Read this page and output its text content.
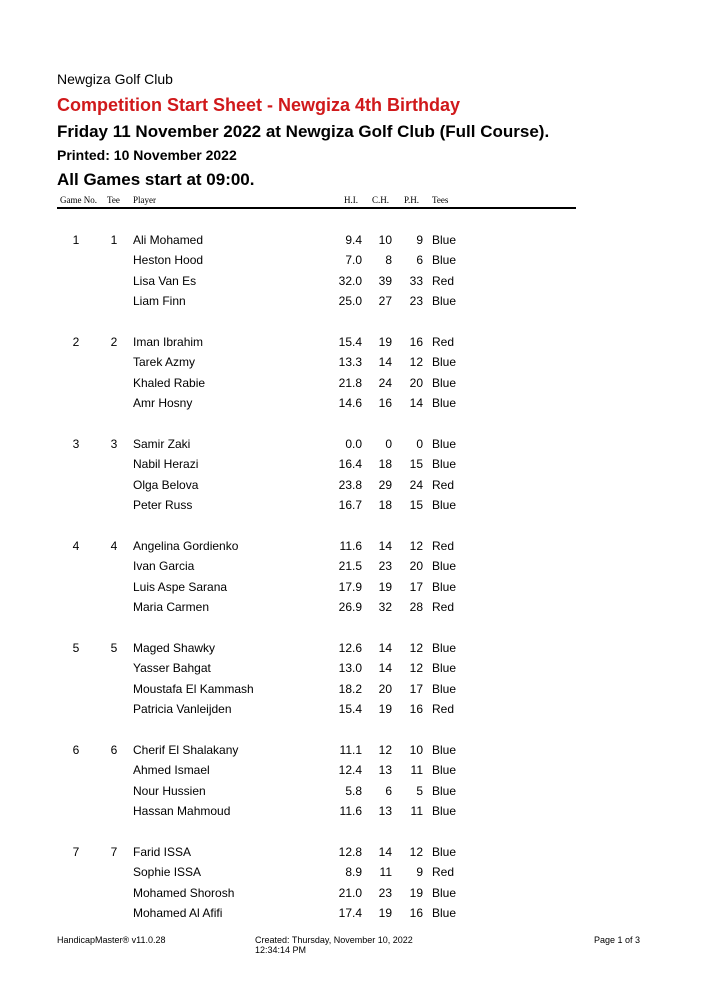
Newgiza Golf Club
Competition Start Sheet - Newgiza 4th Birthday
Friday 11 November 2022 at Newgiza Golf Club (Full Course).
Printed: 10 November 2022
All Games start at 09:00.
Game No. Tee Player	H.I. C.H. P.H. Tees
1	1	Ali Mohamed	9.4	10	9 Blue
Heston Hood	7.0	8	6 Blue
Lisa Van Es	32.0	39	33 Red
Liam Finn	25.0	27	23 Blue
2	2	Iman Ibrahim	15.4	19	16 Red
Tarek Azmy	13.3	14	12 Blue
Khaled Rabie	21.8	24	20 Blue
Amr Hosny	14.6	16	14 Blue
3	3	Samir Zaki	0.0	0	0 Blue
Nabil Herazi	16.4	18	15 Blue
Olga Belova	23.8	29	24 Red
Peter Russ	16.7	18	15 Blue
4	4	Angelina Gordienko	11.6	14	12 Red
Ivan Garcia	21.5	23	20 Blue
Luis Aspe Sarana	17.9	19	17 Blue
Maria Carmen	26.9	32	28 Red
5	5	Maged Shawky	12.6	14	12 Blue
Yasser Bahgat	13.0	14	12 Blue
Moustafa El Kammash	18.2	20	17 Blue
Patricia Vanleijden	15.4	19	16 Red
6	6	Cherif El Shalakany	11.1	12	10 Blue
Ahmed Ismael	12.4	13	11 Blue
Nour Hussien	5.8	6	5 Blue
Hassan Mahmoud	11.6	13	11 Blue
7	7	Farid ISSA	12.8	14	12 Blue
Sophie ISSA	8.9	11	9 Red
Mohamed Shorosh	21.0	23	19 Blue
Mohamed Al Afifi	17.4	19	16 Blue
HandicapMaster® v11.0.28	Created: Thursday, November 10, 2022
12:34:14 PM
Page 1 of 3
